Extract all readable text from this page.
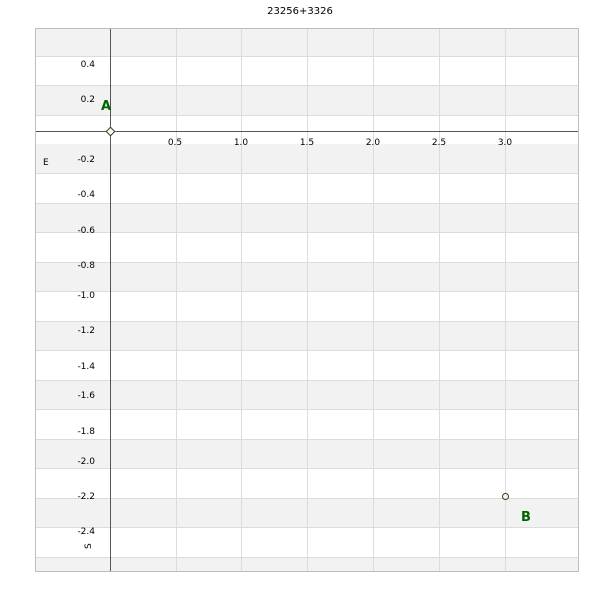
23256+3326
A
B
0.5	1.0	1.5	2.0	2.5	3.0
0.4
0.2
-0.2
-0.4
-0.6
-0.8
-1.0
-1.2
-1.4
-1.6
-1.8
-2.0
-2.2
-2.4
E
S
